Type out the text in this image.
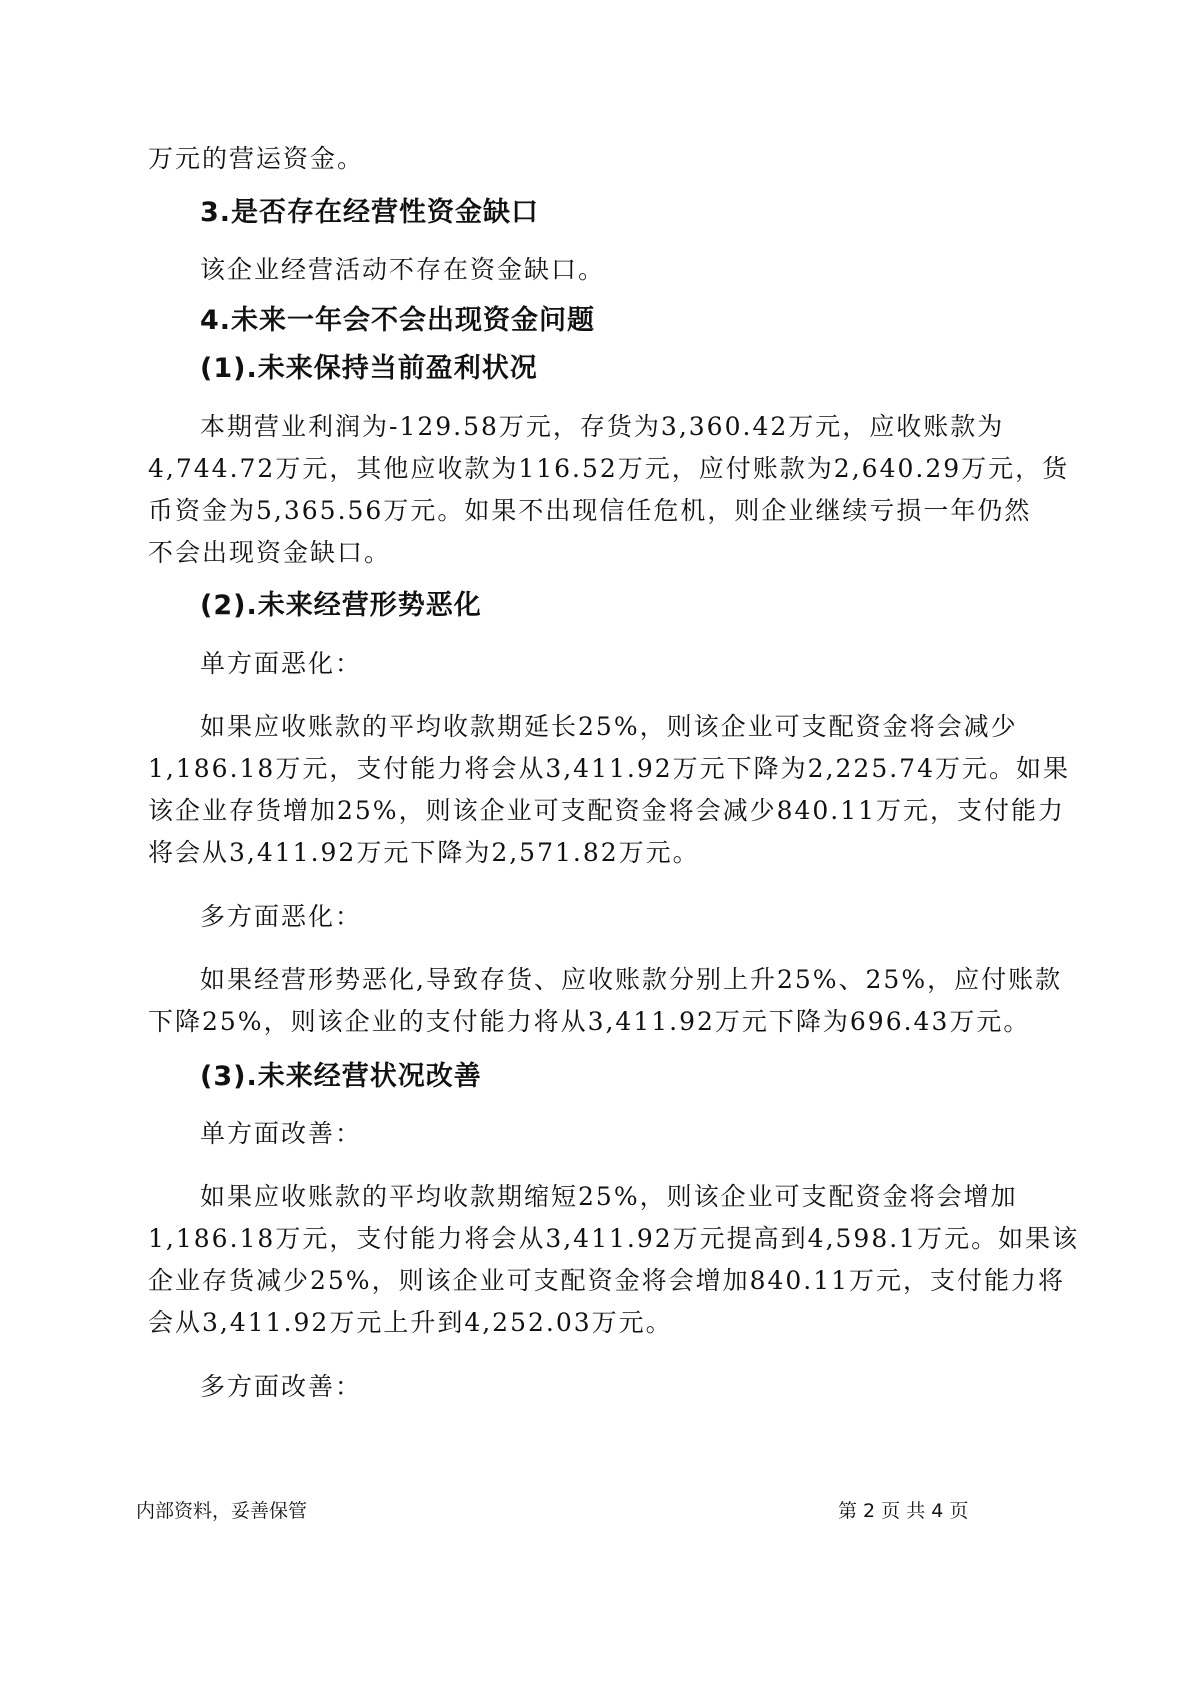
万元的营运资金。
3.是否存在经营性资金缺口
该企业经营活动不存在资金缺口。
4.未来一年会不会出现资金问题
(1).未来保持当前盈利状况
本期营业利润为-129.58万元，存货为3,360.42万元，应收账款为
4,744.72万元，其他应收款为116.52万元，应付账款为2,640.29万元，货
币资金为5,365.56万元。如果不出现信任危机，则企业继续亏损一年仍然
不会出现资金缺口。
(2).未来经营形势恶化
单方面恶化：
如果应收账款的平均收款期延长25%，则该企业可支配资金将会减少
1,186.18万元，支付能力将会从3,411.92万元下降为2,225.74万元。如果
该企业存货增加25%，则该企业可支配资金将会减少840.11万元，支付能力
将会从3,411.92万元下降为2,571.82万元。
多方面恶化：
如果经营形势恶化,导致存货、应收账款分别上升25%、25%，应付账款
下降25%，则该企业的支付能力将从3,411.92万元下降为696.43万元。
(3).未来经营状况改善
单方面改善：
如果应收账款的平均收款期缩短25%，则该企业可支配资金将会增加
1,186.18万元，支付能力将会从3,411.92万元提高到4,598.1万元。如果该
企业存货减少25%，则该企业可支配资金将会增加840.11万元，支付能力将
会从3,411.92万元上升到4,252.03万元。
多方面改善：
内部资料，妥善保管	第 2 页 共 4 页
